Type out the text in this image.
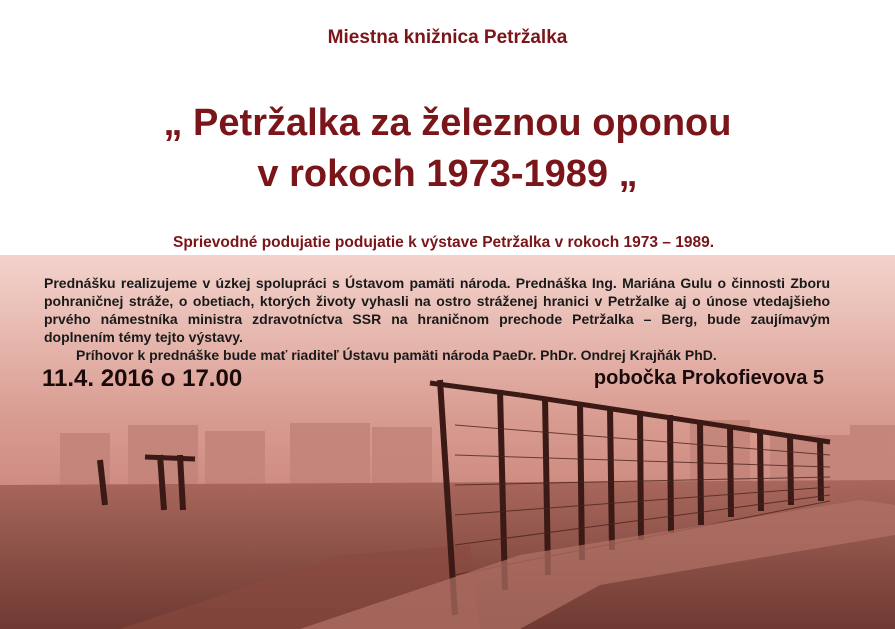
Miestna knižnica Petržalka
„ Petržalka za železnou oponou
v rokoch 1973-1989 „
Sprievodné podujatie podujatie k výstave Petržalka v rokoch 1973 – 1989.

Prednášku realizujeme v úzkej spolupráci s Ústavom pamäti národa. Prednáška Ing. Mariána Gulu o činnosti Zboru pohraničnej stráže, o obetiach, ktorých životy vyhasli na ostro stráženej hranici v Petržalke aj o únose vtedajšieho prvého námestníka ministra zdravotníctva SSR na hraničnom prechode Petržalka – Berg, bude zaujímavým doplnením témy tejto výstavy.

Príhovor k prednáške bude mať riaditeľ Ústavu pamäti národa PaeDr. PhDr. Ondrej Krajňák PhD.
11.4. 2016 o 17.00	pobočka Prokofievova 5
